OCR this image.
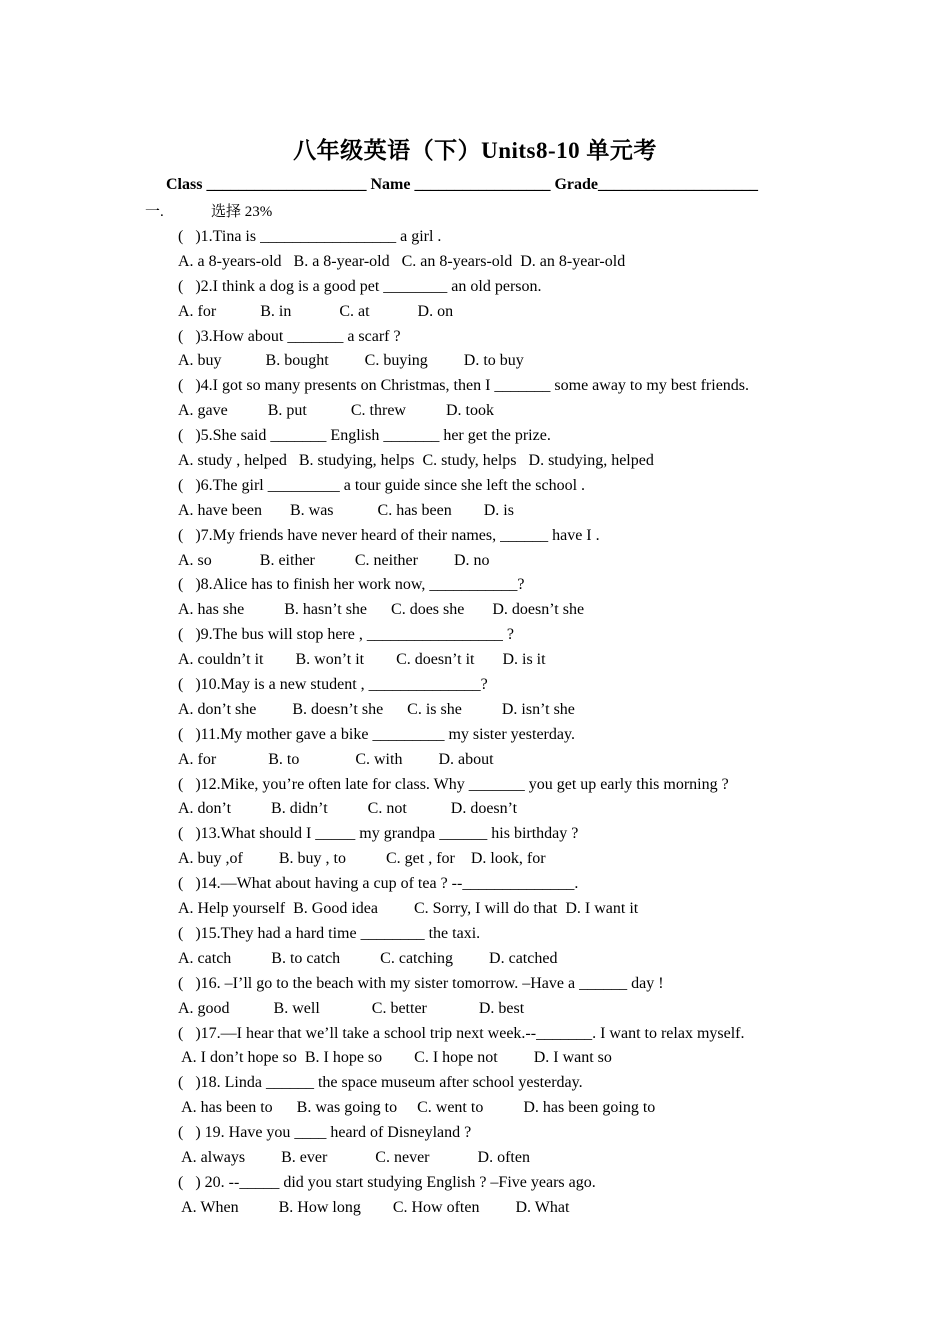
八年级英语（下）Units8-10 单元考
Class ____________________ Name _________________ Grade____________________
一.	选择 23%
(   )1.Tina is _________________ a girl .
A. a 8-years-old   B. a 8-year-old   C. an 8-years-old  D. an 8-year-old
(   )2.I think a dog is a good pet ________ an old person.
A. for           B. in            C. at            D. on
(   )3.How about _______ a scarf ?
A. buy           B. bought         C. buying         D. to buy
(   )4.I got so many presents on Christmas, then I _______ some away to my best friends.
A. gave          B. put           C. threw          D. took
(   )5.She said _______ English _______ her get the prize.
A. study , helped   B. studying, helps  C. study, helps   D. studying, helped
(   )6.The girl _________ a tour guide since she left the school .
A. have been       B. was           C. has been        D. is
(   )7.My friends have never heard of their names, ______ have I .
A. so            B. either          C. neither         D. no
(   )8.Alice has to finish her work now, ___________?
A. has she          B. hasn’t she      C. does she       D. doesn’t she
(   )9.The bus will stop here , _________________ ?
A. couldn’t it        B. won’t it        C. doesn’t it       D. is it
(   )10.May is a new student , ______________?
A. don’t she         B. doesn’t she      C. is she          D. isn’t she
(   )11.My mother gave a bike _________ my sister yesterday.
A. for             B. to              C. with         D. about
(   )12.Mike, you’re often late for class. Why _______ you get up early this morning ?
A. don’t          B. didn’t          C. not           D. doesn’t
(   )13.What should I _____ my grandpa ______ his birthday ?
A. buy ,of         B. buy , to          C. get , for    D. look, for
(   )14.—What about having a cup of tea ? --______________.
A. Help yourself  B. Good idea         C. Sorry, I will do that  D. I want it
(   )15.They had a hard time ________ the taxi.
A. catch          B. to catch          C. catching         D. catched
(   )16. –I’ll go to the beach with my sister tomorrow. –Have a ______ day !
A. good           B. well             C. better             D. best
(   )17.—I hear that we’ll take a school trip next week.--_______. I want to relax myself.
A. I don’t hope so  B. I hope so        C. I hope not         D. I want so
(   )18. Linda ______ the space museum after school yesterday.
A. has been to      B. was going to     C. went to          D. has been going to
(   ) 19. Have you ____ heard of Disneyland ?
A. always         B. ever            C. never            D. often
(   ) 20. --_____ did you start studying English ? –Five years ago.
A. When          B. How long        C. How often         D. What
